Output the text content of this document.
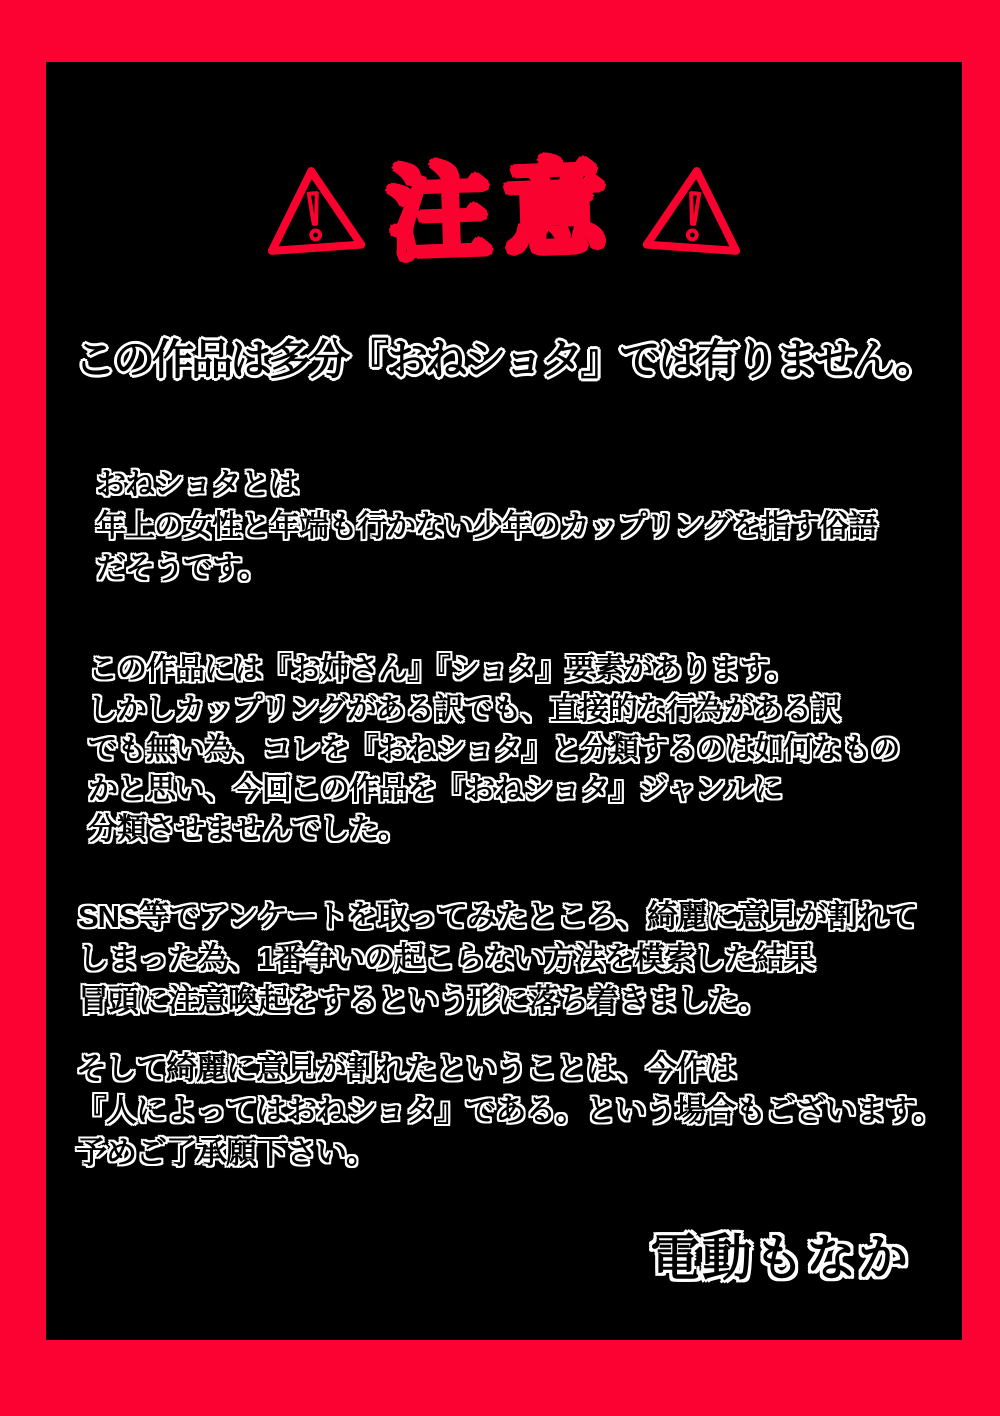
注意
この作品は多分『おねショタ』では有りません。
おねショタとは
年上の女性と年端も行かない少年のカップリングを指す俗語
だそうです。
この作品には『お姉さん』『ショタ』要素があります。
しかしカップリングがある訳でも、直接的な行為がある訳
でも無い為、コレを『おねショタ』と分類するのは如何なもの
かと思い、今回この作品を『おねショタ』ジャンルに
分類させませんでした。
SNS等でアンケートを取ってみたところ、綺麗に意見が割れて
しまった為、1番争いの起こらない方法を模索した結果
冒頭に注意喚起をするという形に落ち着きました。
そして綺麗に意見が割れたということは、今作は
『人によってはおねショタ』である。という場合もございます。
予めご了承願下さい。
電動もなか
